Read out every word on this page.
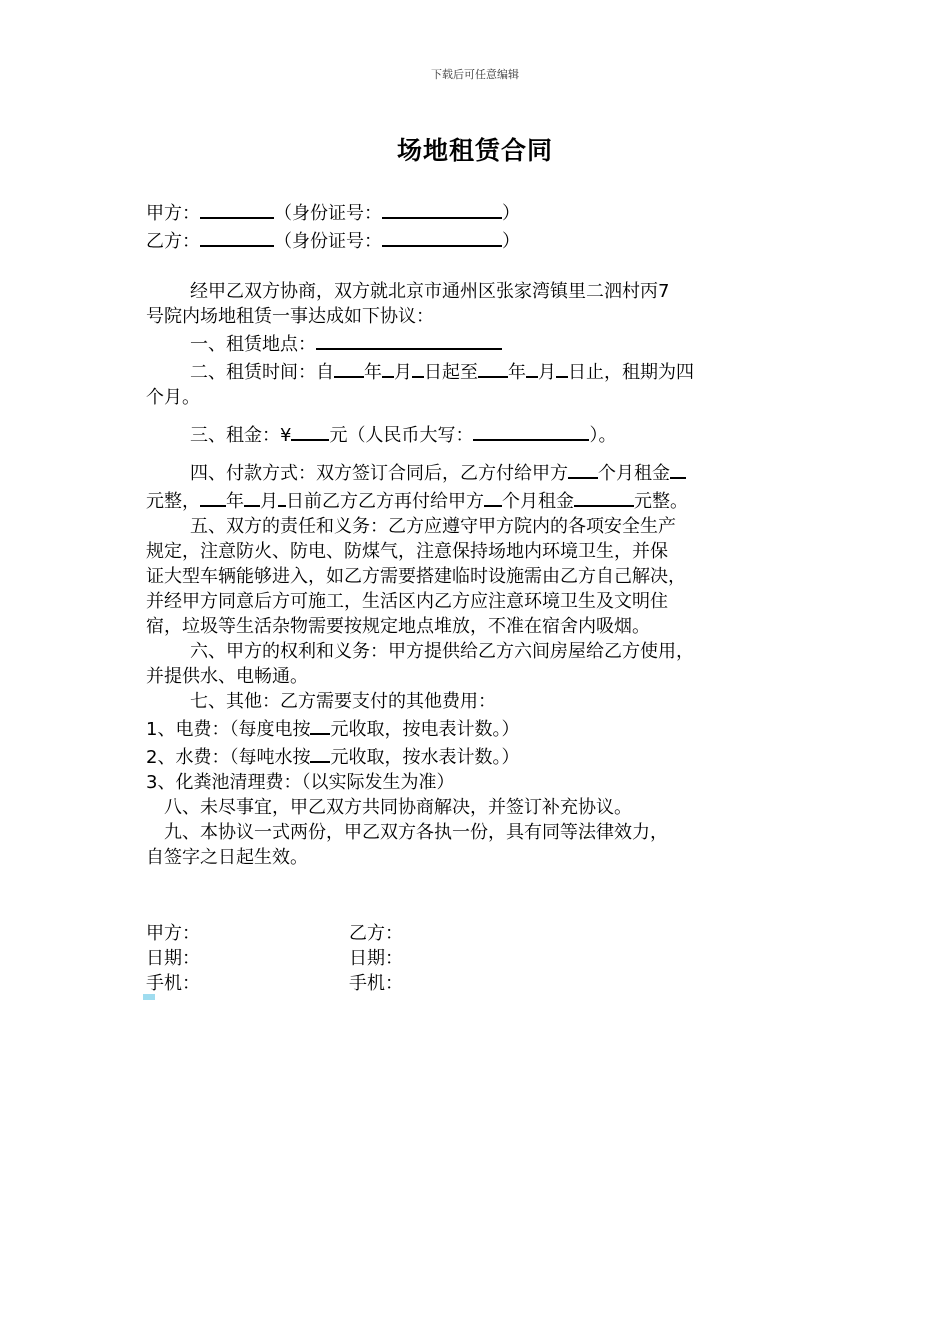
下载后可任意编辑
场地租赁合同
甲方：	（身份证号：	）
乙方：	（身份证号：	）
经甲乙双方协商，双方就北京市通州区张家湾镇里二泗村丙7
号院内场地租赁一事达成如下协议：
一、租赁地点：
二、租赁时间：自 年 月 日起至 年 月 日止，租期为四
个月。
三、租金：¥ 元（人民币大写：	）。
四、付款方式：双方签订合同后，乙方付给甲方 个月租金
元整， 年 月 日前乙方乙方再付给甲方 个月租金	元整。
五、双方的责任和义务：乙方应遵守甲方院内的各项安全生产
规定，注意防火、防电、防煤气，注意保持场地内环境卫生，并保
证大型车辆能够进入，如乙方需要搭建临时设施需由乙方自己解决，
并经甲方同意后方可施工，生活区内乙方应注意环境卫生及文明住
宿，垃圾等生活杂物需要按规定地点堆放，不准在宿舍内吸烟。
六、甲方的权利和义务：甲方提供给乙方六间房屋给乙方使用，
并提供水、电畅通。
七、其他：乙方需要支付的其他费用：
1、电费：（每度电按 元收取，按电表计数。）
2、水费：（每吨水按 元收取，按水表计数。）
3、化粪池清理费：（以实际发生为准）
八、未尽事宜，甲乙双方共同协商解决，并签订补充协议。
九、本协议一式两份，甲乙双方各执一份，具有同等法律效力，
自签字之日起生效。
甲方：	乙方：
日期：	日期：
手机：	手机：
